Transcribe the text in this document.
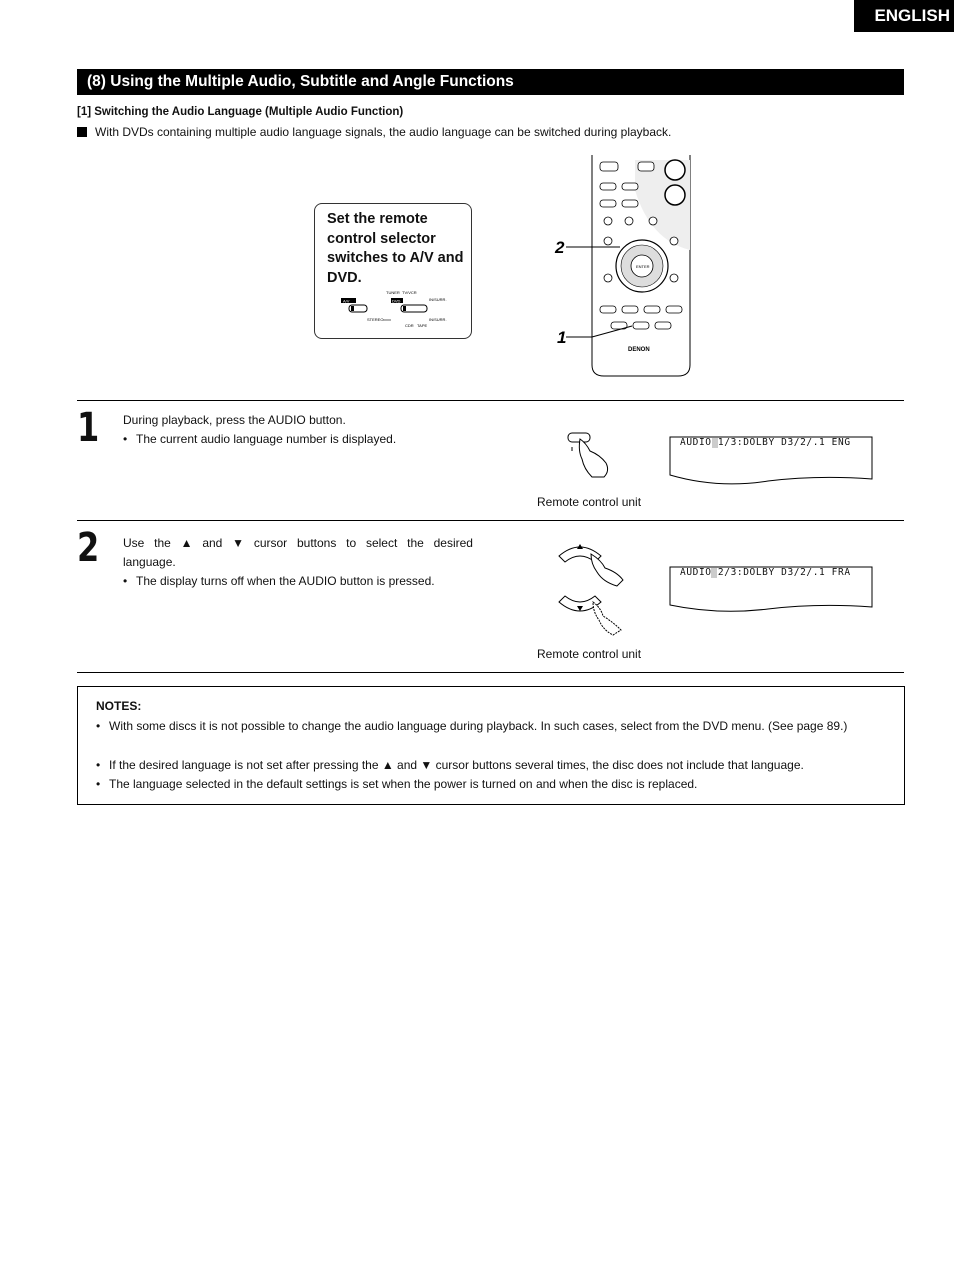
ENGLISH
(8) Using the Multiple Audio, Subtitle and Angle Functions
[1] Switching the Audio Language (Multiple Audio Function)
With DVDs containing multiple audio language signals, the audio language can be switched during playback.
Set the remote control selector switches to A/V and DVD.
A/V
TUNER TV/VCR
DVD	IN/SURR.
STEREO	IN/SURR.
CDR TAPE
ENTER
DENON
2
1
1 During playback, press the AUDIO button.
• The current audio language number is displayed.	AUDIO 1/3:DOLBY D3/2/.1 ENG
Remote control unit
2 Use the ▲ and ▼ cursor buttons to select the desired
language.
• The display turns off when the AUDIO button is pressed.
AUDIO 2/3:DOLBY D3/2/.1 FRA
Remote control unit
NOTES:
• With some discs it is not possible to change the audio language during playback. In such cases, select from the DVD menu. (See page 89.)
• If the desired language is not set after pressing the ▲ and ▼ cursor buttons several times, the disc does not include that language.
• The language selected in the default settings is set when the power is turned on and when the disc is replaced.
